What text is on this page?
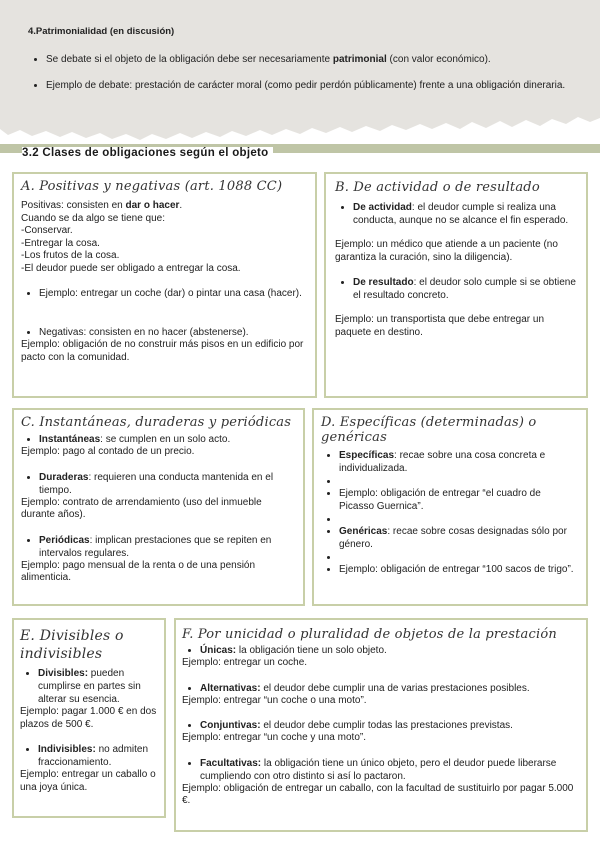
4.Patrimonialidad (en discusión)
• Se debate si el objeto de la obligación debe ser necesariamente patrimonial (con valor económico).
• Ejemplo de debate: prestación de carácter moral (como pedir perdón públicamente) frente a una obligación dineraria.
3.2 Clases de obligaciones según el objeto
A. Positivas y negativas (art. 1088 CC)

Positivas: consisten en dar o hacer.

Cuando se da algo se tiene que:

-Conservar.

-Entregar la cosa.

-Los frutos de la cosa.

-El deudor puede ser obligado a entregar la cosa.

• Ejemplo: entregar un coche (dar) o pintar una casa (hacer).
• Negativas: consisten en no hacer (abstenerse).

Ejemplo: obligación de no construir más pisos en un edificio por pacto con la comunidad.

B. De actividad o de resultado
• De actividad: el deudor cumple si realiza una conducta, aunque no se alcance el fin esperado.

Ejemplo: un médico que atiende a un paciente (no garantiza la curación, sino la diligencia).

• De resultado: el deudor solo cumple si se obtiene el resultado concreto.

Ejemplo: un transportista que debe entregar un paquete en destino.

C. Instantáneas, duraderas y periódicas
• Instantáneas: se cumplen en un solo acto.

Ejemplo: pago al contado de un precio.

• Duraderas: requieren una conducta mantenida en el tiempo.

Ejemplo: contrato de arrendamiento (uso del inmueble durante años).

• Periódicas: implican prestaciones que se repiten en intervalos regulares.

Ejemplo: pago mensual de la renta o de una pensión alimenticia.

D. Específicas (determinadas) o genéricas
• Específicas: recae sobre una cosa concreta e individualizada.
•
• Ejemplo: obligación de entregar “el cuadro de Picasso Guernica”.
•
• Genéricas: recae sobre cosas designadas sólo por género.
•
• Ejemplo: obligación de entregar “100 sacos de trigo”.
E. Divisibles o indivisibles
• Divisibles: pueden cumplirse en partes sin alterar su esencia.

Ejemplo: pagar 1.000 € en dos plazos de 500 €.

• Indivisibles: no admiten fraccionamiento.

Ejemplo: entregar un caballo o una joya única.

F. Por unicidad o pluralidad de objetos de la prestación
• Únicas: la obligación tiene un solo objeto.

Ejemplo: entregar un coche.

• Alternativas: el deudor debe cumplir una de varias prestaciones posibles.

Ejemplo: entregar “un coche o una moto”.

• Conjuntivas: el deudor debe cumplir todas las prestaciones previstas.

Ejemplo: entregar “un coche y una moto”.

• Facultativas: la obligación tiene un único objeto, pero el deudor puede liberarse cumpliendo con otro distinto si así lo pactaron.

Ejemplo: obligación de entregar un caballo, con la facultad de sustituirlo por pagar 5.000 €.
